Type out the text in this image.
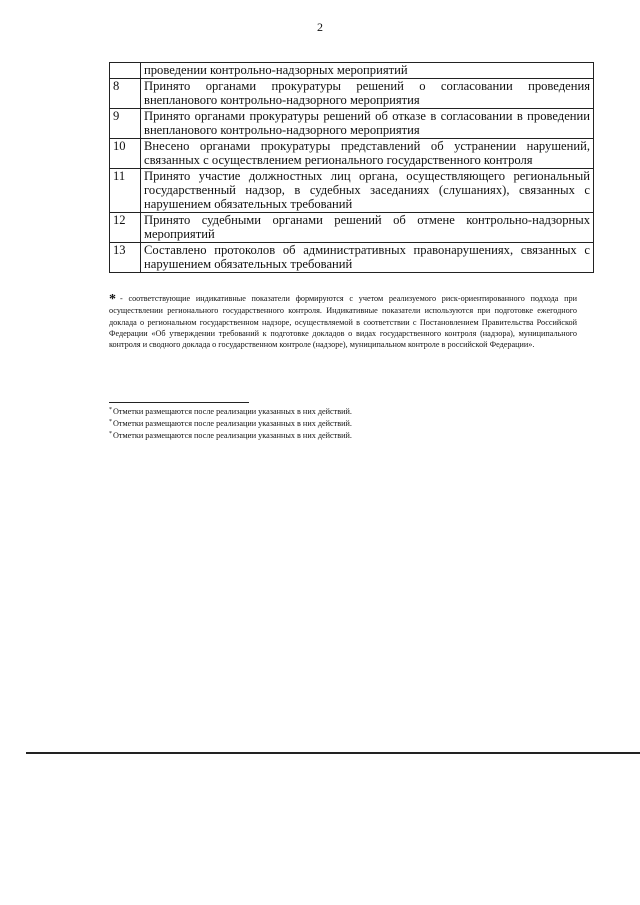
2
	проведении контрольно-надзорных мероприятий
8	Принято органами прокуратуры решений о согласовании проведения внепланового контрольно-надзорного мероприятия
9	Принято органами прокуратуры решений об отказе в согласовании в проведении внепланового контрольно-надзорного мероприятия
10	Внесено органами прокуратуры представлений об устранении нарушений, связанных с осуществлением регионального государственного контроля
11	Принято участие должностных лиц органа, осуществляющего региональный государственный надзор, в судебных заседаниях (слушаниях), связанных с нарушением обязательных требований
12	Принято судебными органами решений об отмене контрольно-надзорных мероприятий
13	Составлено протоколов об административных правонарушениях, связанных с нарушением обязательных требований
* - соответствующие индикативные показатели формируются с учетом реализуемого риск-ориентированного подхода при осуществлении регионального государственного контроля. Индикативные показатели используются при подготовке ежегодного доклада о региональном государственном надзоре, осуществляемой в соответствии с Постановлением Правительства Российской Федерации «Об утверждении требований к подготовке докладов о видах государственного контроля (надзора), муниципального контроля и сводного доклада о государственном контроле (надзоре), муниципальном контроле в российской Федерации».
*Отметки размещаются после реализации указанных в них действий.
*Отметки размещаются после реализации указанных в них действий.
*Отметки размещаются после реализации указанных в них действий.
